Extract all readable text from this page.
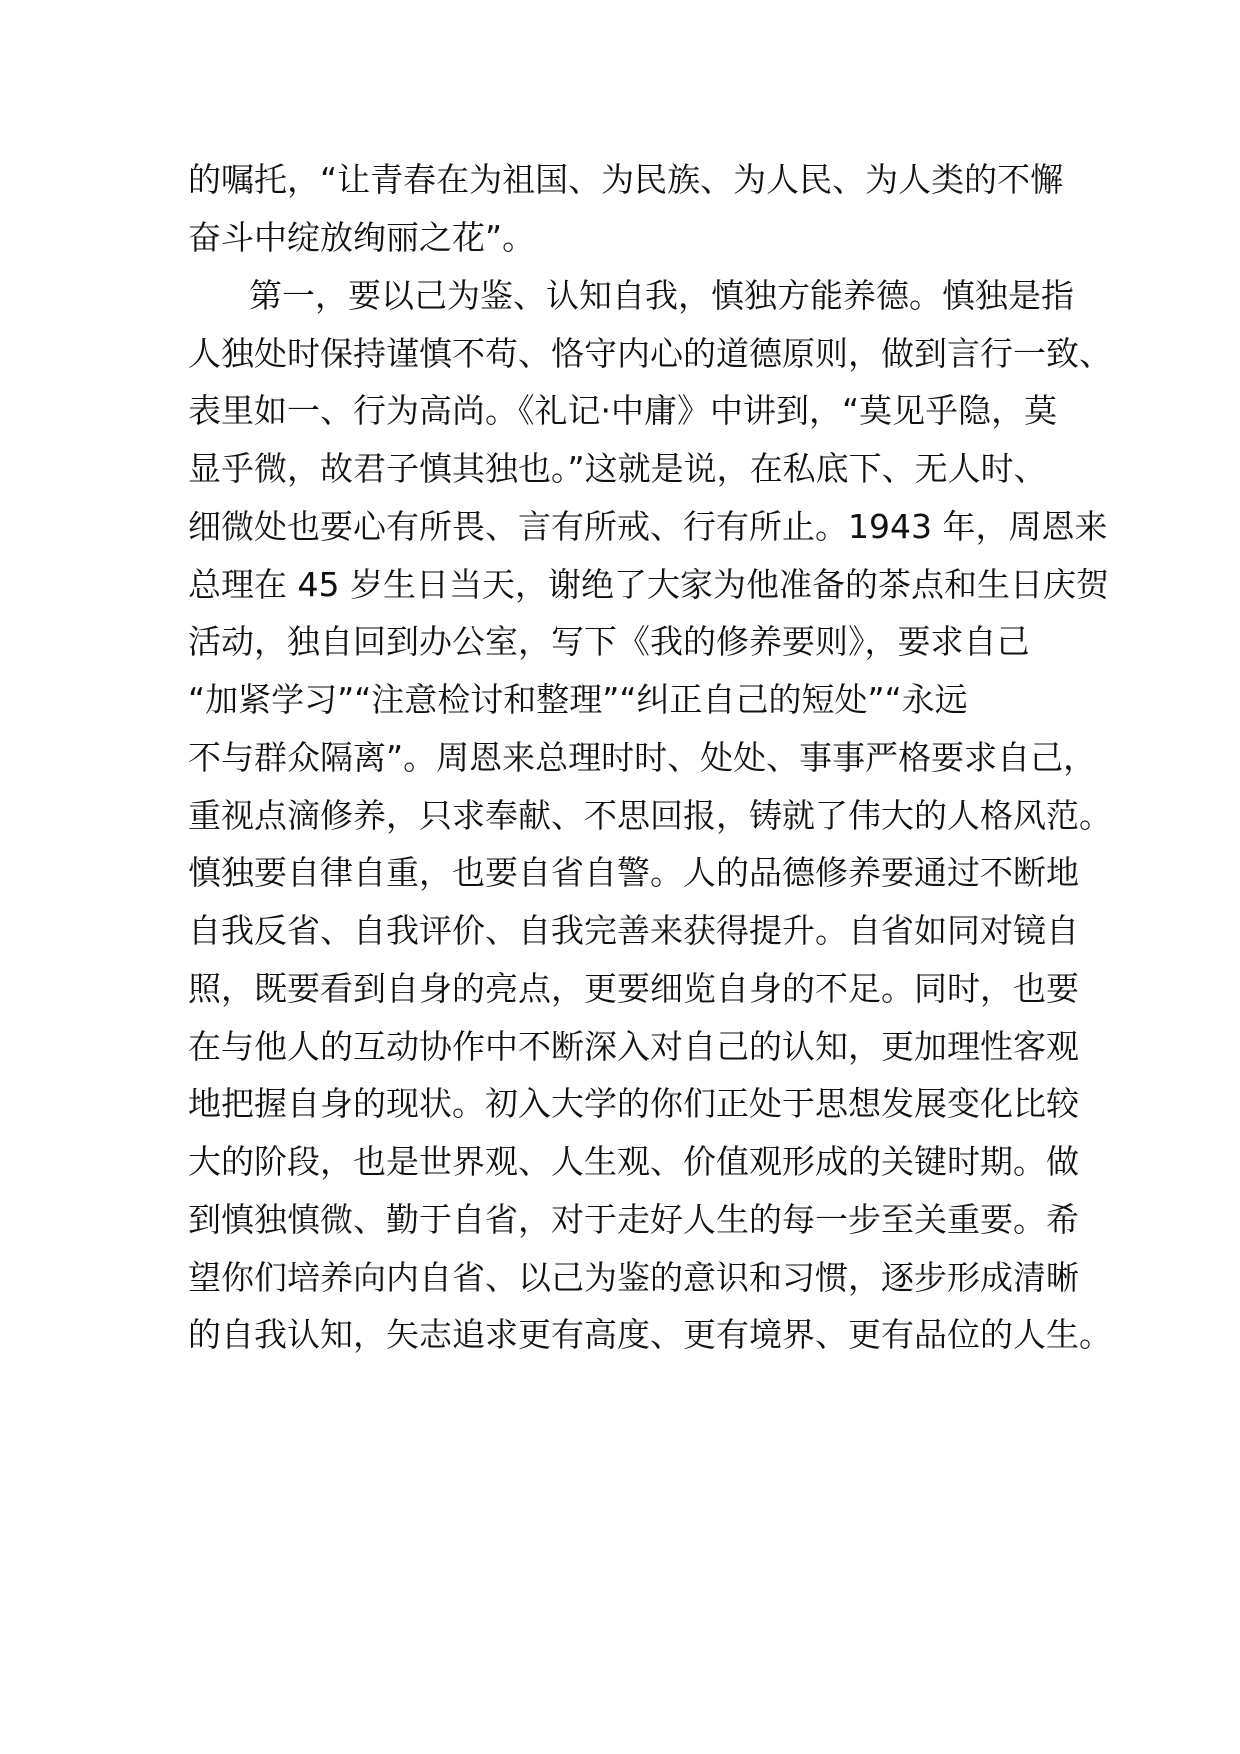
的嘱托，“让青春在为祖国、为民族、为人民、为人类的不懈
奋斗中绽放绚丽之花”。
第一，要以己为鉴、认知自我，慎独方能养德。慎独是指
人独处时保持谨慎不苟、恪守内心的道德原则，做到言行一致、
表里如一、行为高尚。《礼记·中庸》中讲到，“莫见乎隐，莫
显乎微，故君子慎其独也。”这就是说，在私底下、无人时、
细微处也要心有所畏、言有所戒、行有所止。1943 年，周恩来
总理在 45 岁生日当天，谢绝了大家为他准备的茶点和生日庆贺
活动，独自回到办公室，写下《我的修养要则》，要求自己
“加紧学习”“注意检讨和整理”“纠正自己的短处”“永远
不与群众隔离”。周恩来总理时时、处处、事事严格要求自己，
重视点滴修养，只求奉献、不思回报，铸就了伟大的人格风范。
慎独要自律自重，也要自省自警。人的品德修养要通过不断地
自我反省、自我评价、自我完善来获得提升。自省如同对镜自
照，既要看到自身的亮点，更要细览自身的不足。同时，也要
在与他人的互动协作中不断深入对自己的认知，更加理性客观
地把握自身的现状。初入大学的你们正处于思想发展变化比较
大的阶段，也是世界观、人生观、价值观形成的关键时期。做
到慎独慎微、勤于自省，对于走好人生的每一步至关重要。希
望你们培养向内自省、以己为鉴的意识和习惯，逐步形成清晰
的自我认知，矢志追求更有高度、更有境界、更有品位的人生。
